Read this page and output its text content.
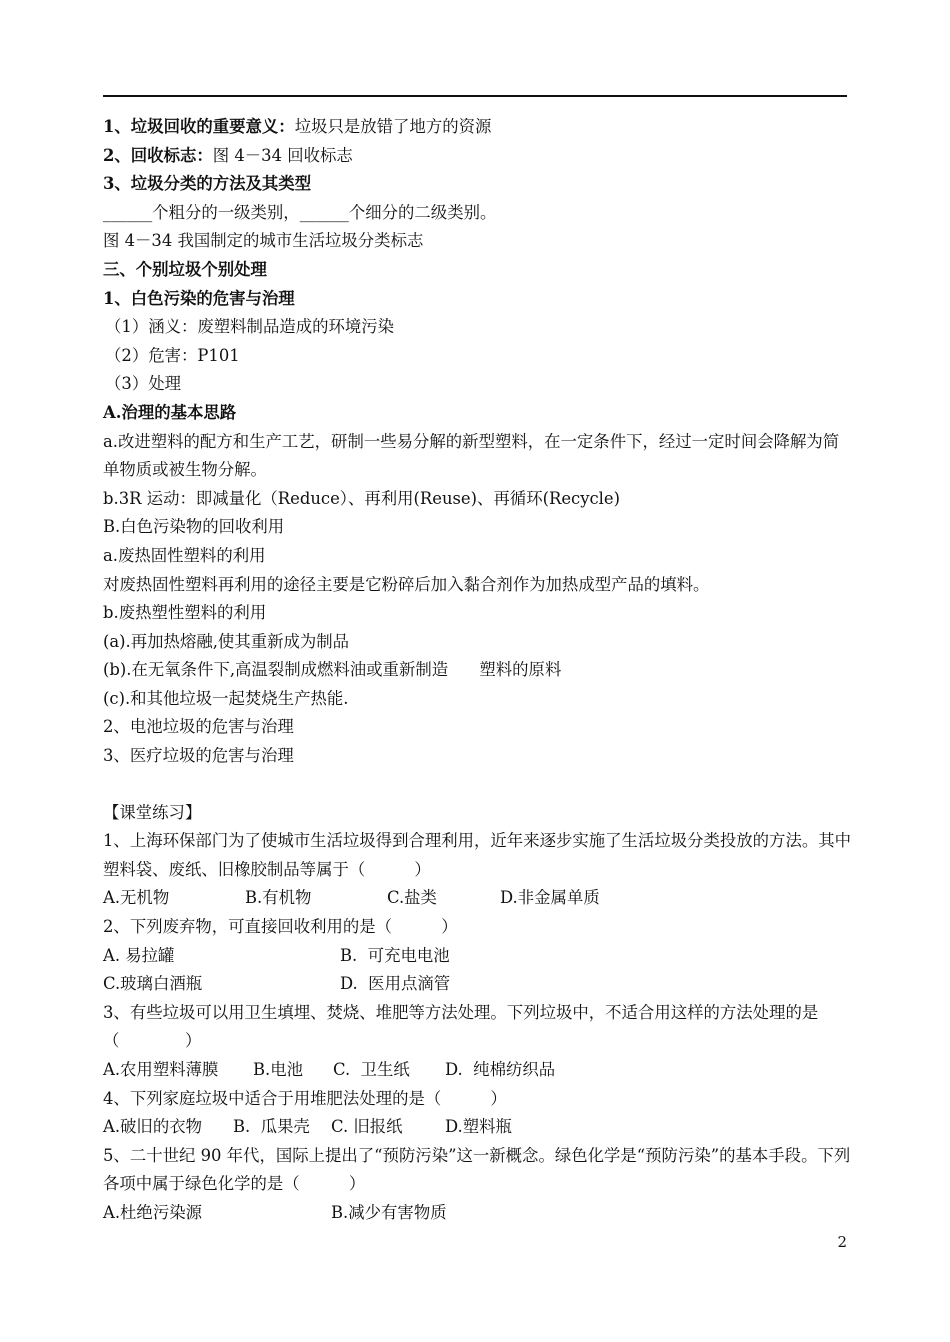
1、垃圾回收的重要意义：垃圾只是放错了地方的资源
2、回收标志：图 4－34 回收标志
3、垃圾分类的方法及其类型
______个粗分的一级类别，______个细分的二级类别。
图 4－34 我国制定的城市生活垃圾分类标志
三、个别垃圾个别处理
1、白色污染的危害与治理
（1）涵义：废塑料制品造成的环境污染
（2）危害：P101
（3）处理
A.治理的基本思路
a.改进塑料的配方和生产工艺，研制一些易分解的新型塑料，在一定条件下，经过一定时间会降解为简单物质或被生物分解。
b.3R 运动：即减量化（Reduce）、再利用(Reuse)、再循环(Recycle)
B.白色污染物的回收利用
a.废热固性塑料的利用
对废热固性塑料再利用的途径主要是它粉碎后加入黏合剂作为加热成型产品的填料。
b.废热塑性塑料的利用
(a).再加热熔融,使其重新成为制品
(b).在无氧条件下,高温裂制成燃料油或重新制造      塑料的原料
(c).和其他垃圾一起焚烧生产热能.
2、电池垃圾的危害与治理
3、医疗垃圾的危害与治理
【课堂练习】
1、上海环保部门为了使城市生活垃圾得到合理利用，近年来逐步实施了生活垃圾分类投放的方法。其中塑料袋、废纸、旧橡胶制品等属于（　　　）
A.无机物	B.有机物	C.盐类	D.非金属单质
2、下列废弃物，可直接回收利用的是（　　　）
A. 易拉罐	B.  可充电电池
C.玻璃白酒瓶	D.  医用点滴管
3、有些垃圾可以用卫生填埋、焚烧、堆肥等方法处理。下列垃圾中，不适合用这样的方法处理的是（　　　　）
A.农用塑料薄膜 B.电池 C.  卫生纸 D.  纯棉纺织品
4、下列家庭垃圾中适合于用堆肥法处理的是（　　　）
A.破旧的衣物 B.  瓜果壳 C. 旧报纸	D.塑料瓶
5、二十世纪 90 年代，国际上提出了“预防污染”这一新概念。绿色化学是“预防污染”的基本手段。下列各项中属于绿色化学的是（　　　）
A.杜绝污染源	B.减少有害物质
2
